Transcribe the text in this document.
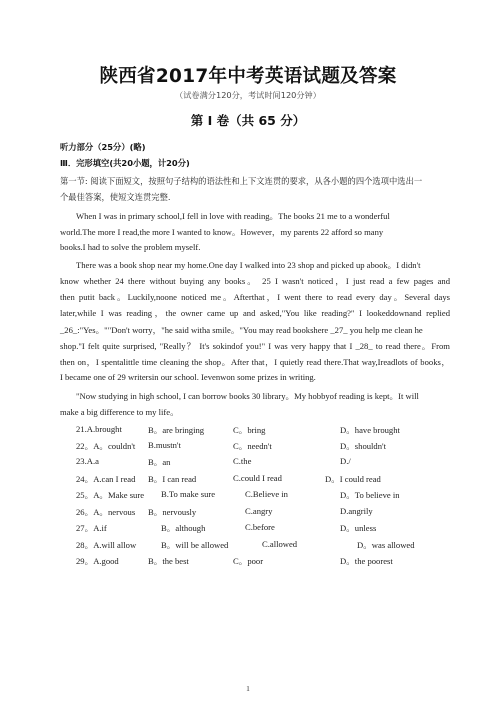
陕西省2017年中考英语试题及答案
（试卷满分120分，考试时间120分钟）
第 I 卷（共 65 分）
听力部分（25分）(略)
Ⅲ．完形填空(共20小题，计20分)
第一节: 阅读下面短文，按照句子结构的语法性和上下文连贯的要求，从各小题的四个选项中选出一
个最佳答案，使短文连贯完整.
When I was in primary school,I fell in love with reading。The books 21 me to a wonderful
world.The more I read,the more I wanted to know。However，my parents 22 afford so many
books.I had to solve the problem myself.
There was a book shop near my home.One day I walked into 23 shop and picked up abook。I didn't
know whether 24 there without buying any books。 25 I wasn't noticed，I just read a few pages and
then putit back。Luckily,noone noticed me。Afterthat，I went there to read every day。Several days
later,while I was reading，the owner came up and asked,"You like reading?" I lookeddownand replied
_26_:"Yes。""Don't worry，"he said witha smile。"You may read bookshere _27_ you help me clean he
shop."I felt quite surprised, "Really？ It's sokindof you!" I was very happy that I _28_ to read there。From
then on，I spentalittle time cleaning the shop。After that，I quietly read there.That way,Ireadlots of books，
I became one of 29 writersin our school. Ievenwon some prizes in writing.
"Now studying in high school, I can borrow books 30 library。My hobbyof reading is kept。It will
make a big difference to my life。
21.A.brought	B。are bringing	C。bring	D。have brought
22。A。couldn't B.mustn't	C。needn't	D。shouldn't
23.A.a	B。an	C.the	D./
24。A.can I read B。I can read	C.could I read	D。I could read
25。A。Make sure B.To make sure	C.Believe in	D。To believe in
26。A。nervous B。nervously	C.angry	D.angrily
27。A.if	B。although	C.before	D。unless
28。A.will allow	B。will be allowed	C.allowed	D。was allowed
29。A.good	B。the best	C。poor	D。the poorest
1
